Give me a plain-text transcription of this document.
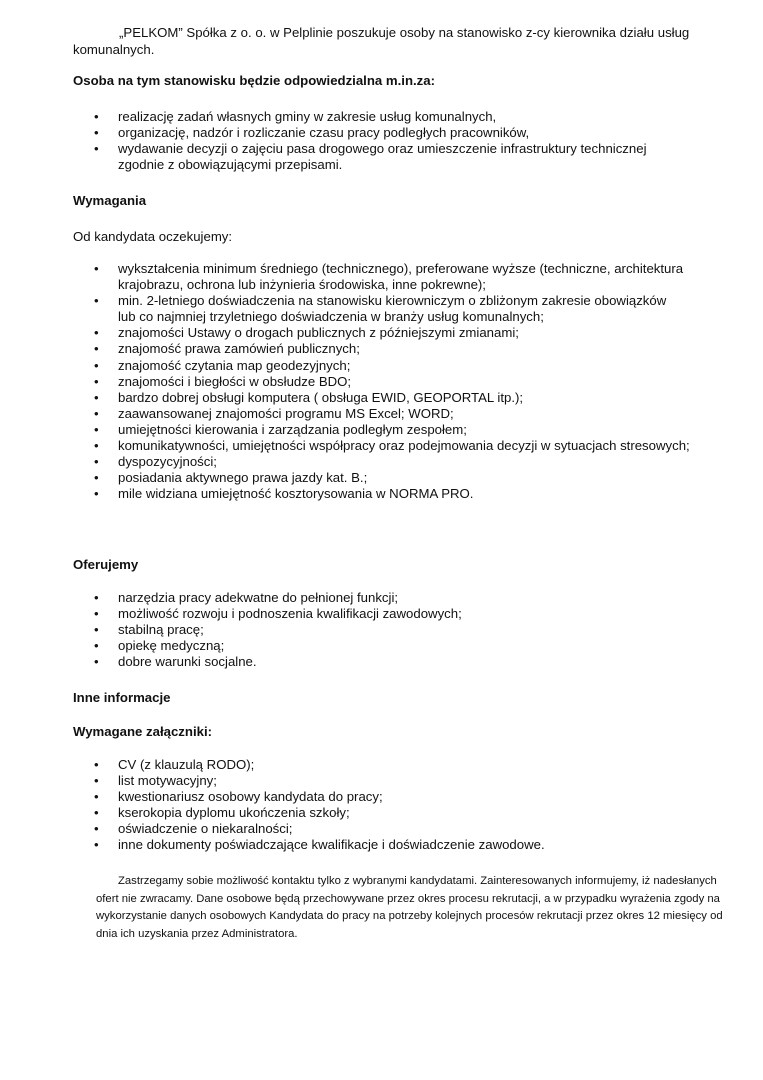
„PELKOM” Spółka z o. o. w Pelplinie poszukuje osoby na stanowisko z-cy kierownika działu usług komunalnych.

Osoba na tym stanowisku będzie odpowiedzialna m.in.za:

• realizację zadań własnych gminy w zakresie usług komunalnych,
• organizację, nadzór i rozliczanie czasu pracy podległych pracowników,
• wydawanie decyzji o zajęciu pasa drogowego oraz umieszczenie infrastruktury technicznej
zgodnie z obowiązującymi przepisami.

Wymagania

Od kandydata oczekujemy:

• wykształcenia minimum średniego (technicznego), preferowane wyższe (techniczne, architektura
krajobrazu, ochrona lub inżynieria środowiska, inne pokrewne);
• min. 2-letniego doświadczenia na stanowisku kierowniczym o zbliżonym zakresie obowiązków
lub co najmniej trzyletniego doświadczenia w branży usług komunalnych;
• znajomości Ustawy o drogach publicznych z późniejszymi zmianami;
• znajomość prawa zamówień publicznych;
• znajomość czytania map geodezyjnych;
• znajomości i biegłości w obsłudze BDO;
• bardzo dobrej obsługi komputera ( obsługa EWID, GEOPORTAL itp.);
• zaawansowanej znajomości programu MS Excel; WORD;
• umiejętności kierowania i zarządzania podległym zespołem;
• komunikatywności, umiejętności współpracy oraz podejmowania decyzji w sytuacjach stresowych;
• dyspozycyjności;
• posiadania aktywnego prawa jazdy kat. B.;
• mile widziana umiejętność kosztorysowania w NORMA PRO.

Oferujemy

• narzędzia pracy adekwatne do pełnionej funkcji;
• możliwość rozwoju i podnoszenia kwalifikacji zawodowych;
• stabilną pracę;
• opiekę medyczną;
• dobre warunki socjalne.

Inne informacje

Wymagane załączniki:

• CV (z klauzulą RODO);
• list motywacyjny;
• kwestionariusz osobowy kandydata do pracy;
• kserokopia dyplomu ukończenia szkoły;
• oświadczenie o niekaralności;
• inne dokumenty poświadczające kwalifikacje i doświadczenie zawodowe.

Zastrzegamy sobie możliwość kontaktu tylko z wybranymi kandydatami. Zainteresowanych informujemy, iż nadesłanych ofert nie zwracamy. Dane osobowe będą przechowywane przez okres procesu rekrutacji, a w przypadku wyrażenia zgody na wykorzystanie danych osobowych Kandydata do pracy na potrzeby kolejnych procesów rekrutacji przez okres 12 miesięcy od dnia ich uzyskania przez Administratora.
